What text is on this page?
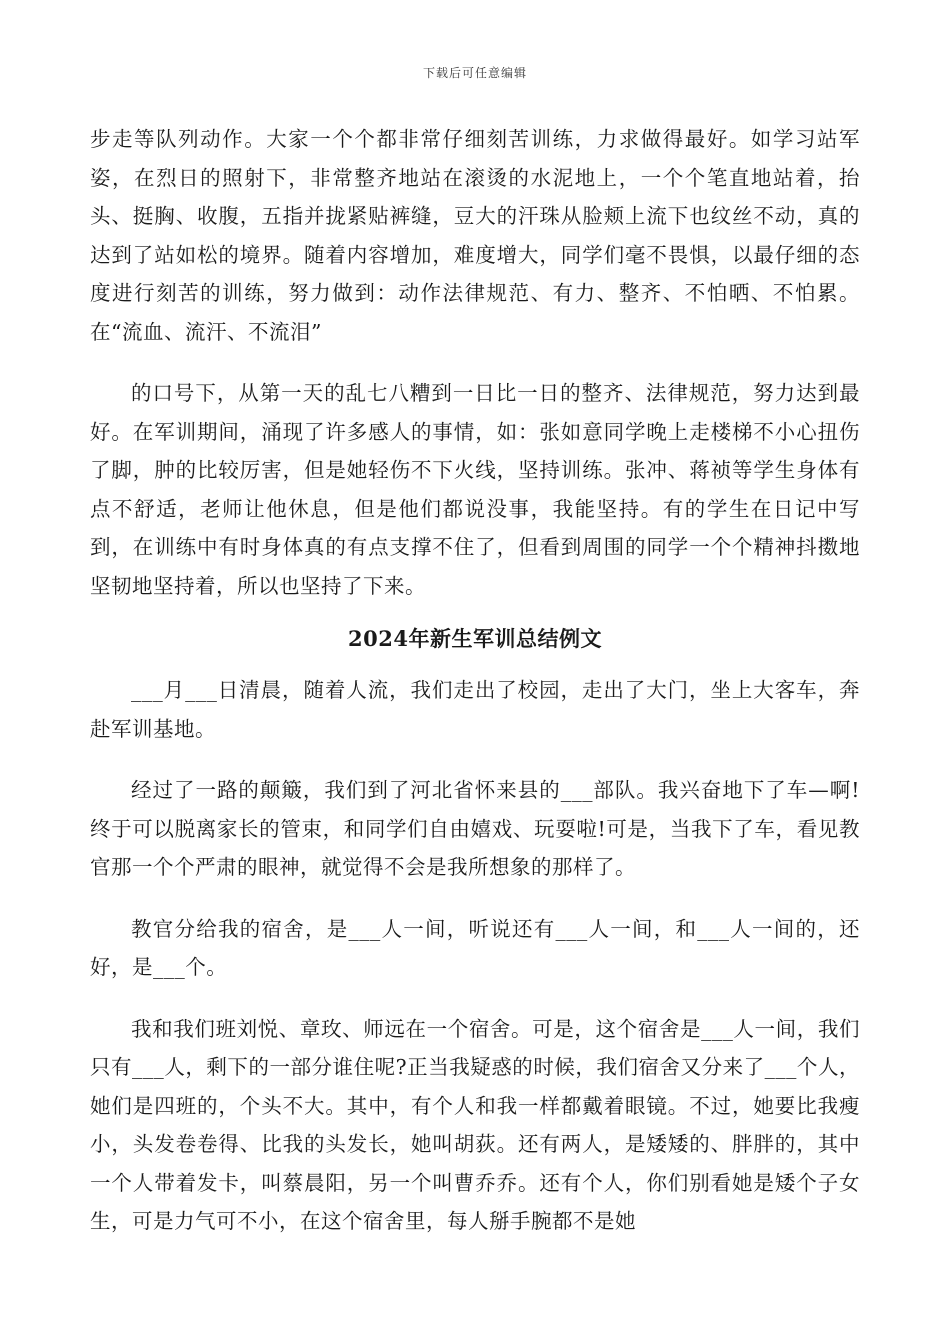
下载后可任意编辑

步走等队列动作。大家一个个都非常仔细刻苦训练，力求做得最好。如学习站军姿，在烈日的照射下，非常整齐地站在滚烫的水泥地上，一个个笔直地站着，抬头、挺胸、收腹，五指并拢紧贴裤缝，豆大的汗珠从脸颊上流下也纹丝不动，真的达到了站如松的境界。随着内容增加，难度增大，同学们毫不畏惧，以最仔细的态度进行刻苦的训练，努力做到：动作法律规范、有力、整齐、不怕晒、不怕累。在“流血、流汗、不流泪”

的口号下，从第一天的乱七八糟到一日比一日的整齐、法律规范，努力达到最好。在军训期间，涌现了许多感人的事情，如：张如意同学晚上走楼梯不小心扭伤了脚，肿的比较厉害，但是她轻伤不下火线，坚持训练。张冲、蒋祯等学生身体有点不舒适，老师让他休息，但是他们都说没事，我能坚持。有的学生在日记中写到，在训练中有时身体真的有点支撑不住了，但看到周围的同学一个个精神抖擞地坚韧地坚持着，所以也坚持了下来。

2024年新生军训总结例文

___月___日清晨，随着人流，我们走出了校园，走出了大门，坐上大客车，奔赴军训基地。

经过了一路的颠簸，我们到了河北省怀来县的___部队。我兴奋地下了车—啊!终于可以脱离家长的管束，和同学们自由嬉戏、玩耍啦!可是，当我下了车，看见教官那一个个严肃的眼神，就觉得不会是我所想象的那样了。

教官分给我的宿舍，是___人一间，听说还有___人一间，和___人一间的，还好，是___个。

我和我们班刘悦、章玫、师远在一个宿舍。可是，这个宿舍是___人一间，我们只有___人，剩下的一部分谁住呢?正当我疑惑的时候，我们宿舍又分来了___个人，她们是四班的，个头不大。其中，有个人和我一样都戴着眼镜。不过，她要比我瘦小，头发卷卷得、比我的头发长，她叫胡荻。还有两人，是矮矮的、胖胖的，其中一个人带着发卡，叫蔡晨阳，另一个叫曹乔乔。还有个人，你们别看她是矮个子女生，可是力气可不小，在这个宿舍里，每人掰手腕都不是她
